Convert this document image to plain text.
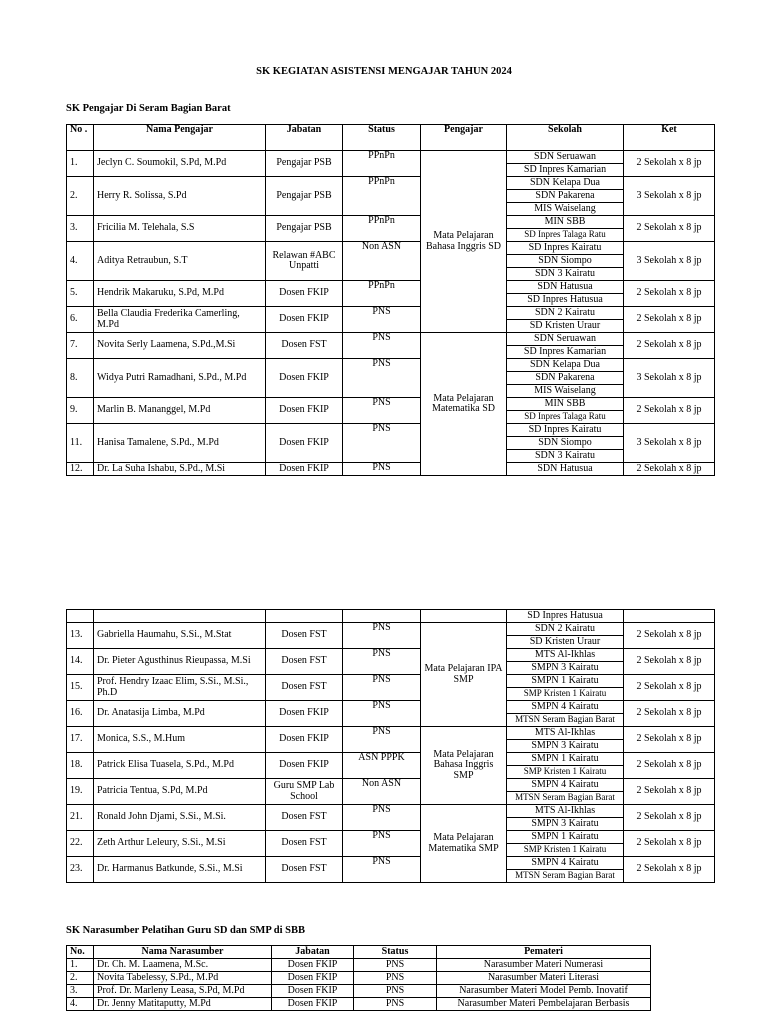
SK KEGIATAN ASISTENSI MENGAJAR TAHUN 2024
SK Pengajar Di Seram Bagian Barat
No .	Nama Pengajar	Jabatan	Status	Pengajar	Sekolah	Ket
1.	Jeclyn C. Soumokil, S.Pd, M.Pd	Pengajar PSB	PPnPn	Mata Pelajaran Bahasa Inggris SD	SDN Seruawan	2 Sekolah x 8 jp
					SD Inpres Kamarian	
2.	Herry R. Solissa, S.Pd	Pengajar PSB	PPnPn		SDN Kelapa Dua	3 Sekolah x 8 jp
					SDN Pakarena	
					MIS Waiselang	
3.	Fricilia M. Telehala, S.S	Pengajar PSB	PPnPn		MIN SBB	2 Sekolah x 8 jp
					SD Inpres Talaga Ratu	
4.	Aditya Retraubun, S.T	Relawan #ABC Unpatti	Non ASN		SD Inpres Kairatu	3 Sekolah x 8 jp
					SDN Siompo	
					SDN 3 Kairatu	
5.	Hendrik Makaruku, S.Pd, M.Pd	Dosen FKIP	PPnPn		SDN Hatusua	2 Sekolah x 8 jp
					SD Inpres Hatusua	
6.	Bella Claudia Frederika Camerling, M.Pd	Dosen FKIP	PNS		SDN 2 Kairatu	2 Sekolah x 8 jp
					SD Kristen Uraur	
7.	Novita Serly Laamena, S.Pd.,M.Si	Dosen FST	PNS	Mata Pelajaran Matematika SD	SDN Seruawan	2 Sekolah x 8 jp
					SD Inpres Kamarian	
8.	Widya Putri Ramadhani, S.Pd., M.Pd	Dosen FKIP	PNS		SDN Kelapa Dua	3 Sekolah x 8 jp
					SDN Pakarena	
					MIS Waiselang	
9.	Marlin B. Mananggel, M.Pd	Dosen FKIP	PNS		MIN SBB	2 Sekolah x 8 jp
					SD Inpres Talaga Ratu	
11.	Hanisa Tamalene, S.Pd., M.Pd	Dosen FKIP	PNS		SD Inpres Kairatu	3 Sekolah x 8 jp
					SDN Siompo	
					SDN 3 Kairatu	
12.	Dr. La Suha Ishabu, S.Pd., M.Si	Dosen FKIP	PNS		SDN Hatusua	2 Sekolah x 8 jp
					SD Inpres Hatusua	
13.	Gabriella Haumahu, S.Si., M.Stat	Dosen FST	PNS	Mata Pelajaran IPA SMP	SDN 2 Kairatu	2 Sekolah x 8 jp
					SD Kristen Uraur	
14.	Dr. Pieter Agusthinus Rieupassa, M.Si	Dosen FST	PNS		MTS Al-Ikhlas	2 Sekolah x 8 jp
					SMPN 3 Kairatu	
15.	Prof. Hendry Izaac Elim, S.Si., M.Si., Ph.D	Dosen FST	PNS		SMPN 1 Kairatu	2 Sekolah x 8 jp
					SMP Kristen 1 Kairatu	
16.	Dr. Anatasija Limba, M.Pd	Dosen FKIP	PNS		SMPN 4 Kairatu	2 Sekolah x 8 jp
					MTSN Seram Bagian Barat	
17.	Monica, S.S., M.Hum	Dosen FKIP	PNS	Mata Pelajaran Bahasa Inggris SMP	MTS Al-Ikhlas	2 Sekolah x 8 jp
					SMPN 3 Kairatu	
18.	Patrick Elisa Tuasela, S.Pd., M.Pd	Dosen FKIP	ASN PPPK		SMPN 1 Kairatu	2 Sekolah x 8 jp
					SMP Kristen 1 Kairatu	
19.	Patricia Tentua, S.Pd, M.Pd	Guru SMP Lab School	Non ASN		SMPN 4 Kairatu	2 Sekolah x 8 jp
					MTSN Seram Bagian Barat	
21.	Ronald John Djami, S.Si., M.Si.	Dosen FST	PNS	Mata Pelajaran Matematika SMP	MTS Al-Ikhlas	2 Sekolah x 8 jp
					SMPN 3 Kairatu	
22.	Zeth Arthur Leleury, S.Si., M.Si	Dosen FST	PNS		SMPN 1 Kairatu	2 Sekolah x 8 jp
					SMP Kristen 1 Kairatu	
23.	Dr. Harmanus Batkunde, S.Si., M.Si	Dosen FST	PNS		SMPN 4 Kairatu	2 Sekolah x 8 jp
					MTSN Seram Bagian Barat	
SK Narasumber Pelatihan Guru SD dan SMP di SBB
No.	Nama Narasumber	Jabatan	Status	Pemateri
1.	Dr. Ch. M. Laamena, M.Sc.	Dosen FKIP	PNS	Narasumber Materi Numerasi
2.	Novita Tabelessy, S.Pd., M.Pd	Dosen FKIP	PNS	Narasumber Materi Literasi
3.	Prof. Dr. Marleny Leasa, S.Pd, M.Pd	Dosen FKIP	PNS	Narasumber Materi Model Pemb. Inovatif
4.	Dr. Jenny Matitaputty, M.Pd	Dosen FKIP	PNS	Narasumber Materi Pembelajaran Berbasis
